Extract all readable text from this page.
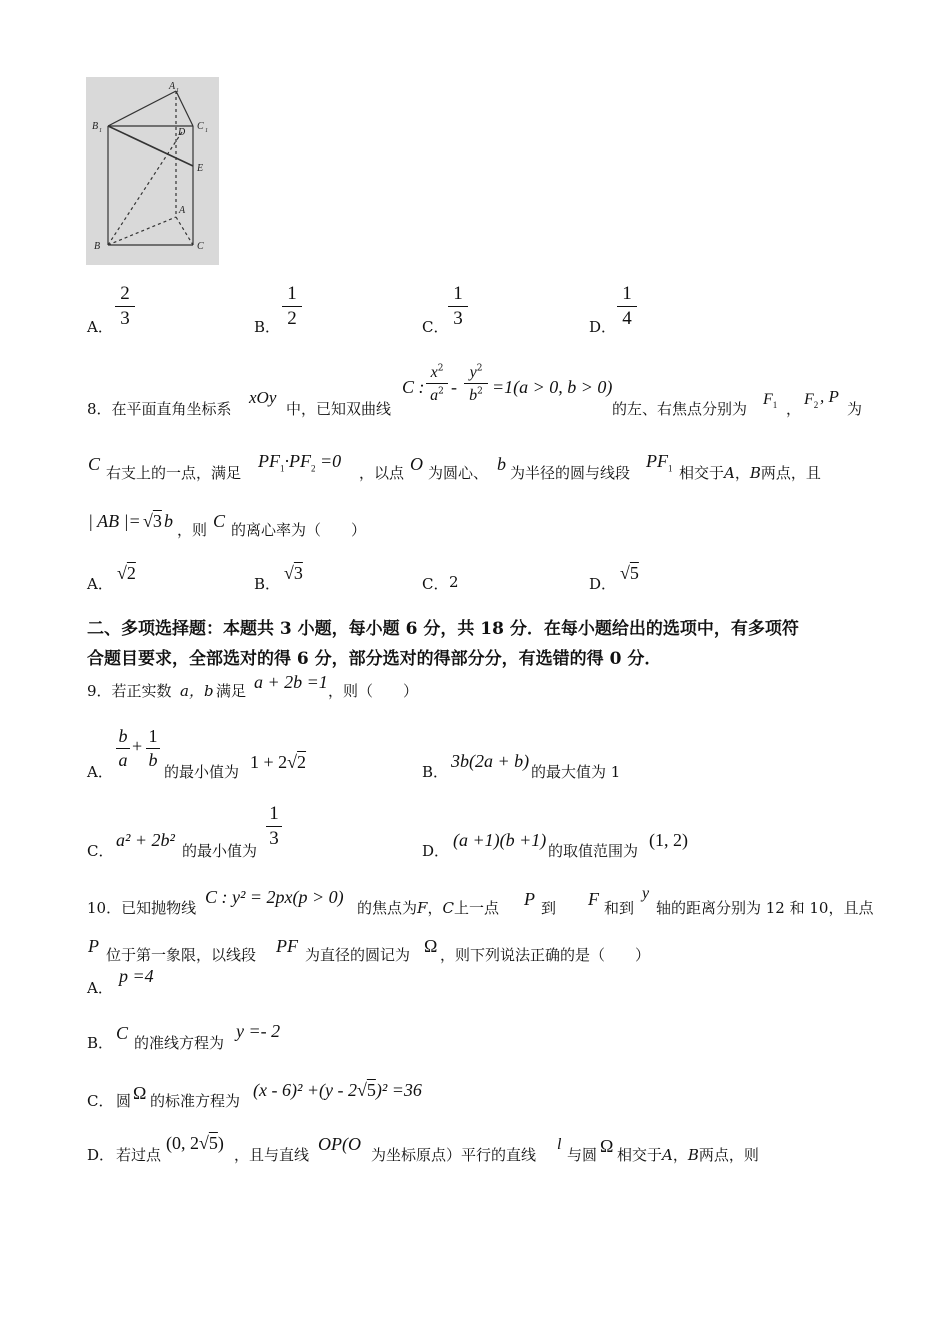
A 1
B 1	C 1
D
E
A
B	C
A．
2
3	B．
1
2	C．
1
3	D．
1
4
8．在平面直角坐标系
xOy
中，已知双曲线
C :
$x^2$
$a^2$ -
$y^2$
$b^2 =1(a > 0$, b > 0)
的左、右焦点分别为
$F_1$ ，
$F_2$ , P
为
C 右支上的一点，满足
$PF_1\cdot PF_2 =0$
，以点 O 为圆心、 b 为半径的圆与线段
$PF_1$ 相交于A，B两点，且
| AB |= √3 b ，则 C 的离心率为（　　）
A．
√2
B．
√3
C． 2	D．
√5
二、多项选择题：本题共 3 小题，每小题 6 分，共 18 分．在每小题给出的选项中，有多项符
合题目要求，全部选对的得 6 分，部分选对的得部分分，有选错的得 0 分．
9．若正实数 a，b 满足 a + 2b =1 ，则（　　）
A．
b
a
+ 1
b
的最小值为 1 + 2√2	B．
3b(2a + b)
的最大值为 1
C．
a² + 2b²
的最小值为
1
3
D．
(a +1)(b +1)
的取值范围为
(1, 2)
10．已知抛物线
C : y² = 2px(p > 0)
的焦点为F，C上一点 P 到 F 和到
y
轴的距离分别为 12 和 10，且点
P 位于第一象限，以线段 PF 为直径的圆记为 Ω ，则下列说法正确的是（　　）
A．
p =4
B． C 的准线方程为
y =- 2
C． 圆 Ω 的标准方程为
(x - 6)² +(y - 2√5)² =36
D． 若过点
(0, 2√5)
，且与直线
OP(O
为坐标原点）平行的直线
l
与圆 Ω 相交于A，B两点，则
